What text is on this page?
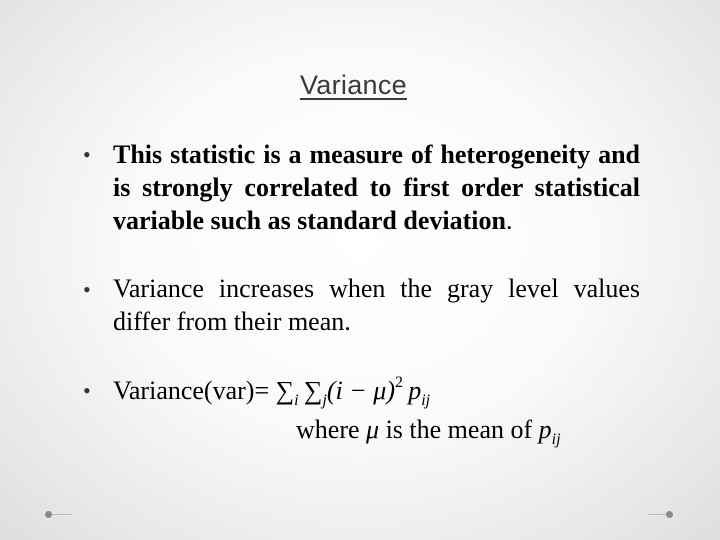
Variance
• This statistic is a measure of heterogeneity and is strongly correlated to first order statistical variable such as standard deviation.
• Variance increases when the gray level values differ from their mean.
• Variance(var)= $\sum_i$  $\sum_j(i - \mu)^2$  $p_{ij}$
where μ is the mean of $p_{ij}$
